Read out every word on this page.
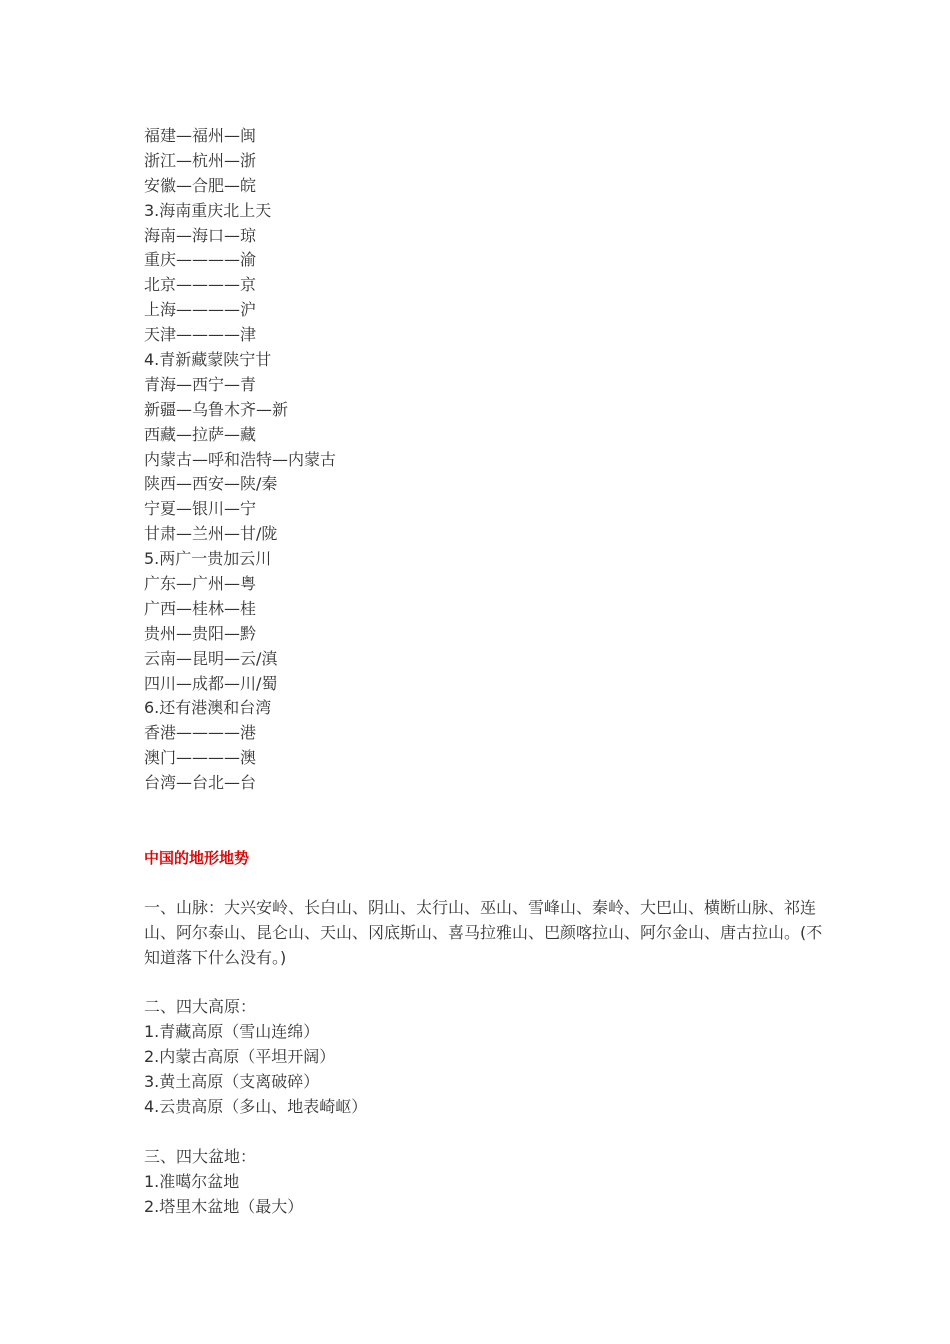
福建—福州—闽
浙江—杭州—浙
安徽—合肥—皖
3.海南重庆北上天
海南—海口—琼
重庆————渝
北京————京
上海————沪
天津————津
4.青新藏蒙陕宁甘
青海—西宁—青
新疆—乌鲁木齐—新
西藏—拉萨—藏
内蒙古—呼和浩特—内蒙古
陕西—西安—陕/秦
宁夏—银川—宁
甘肃—兰州—甘/陇
5.两广一贵加云川
广东—广州—粤
广西—桂林—桂
贵州—贵阳—黔
云南—昆明—云/滇
四川—成都—川/蜀
6.还有港澳和台湾
香港————港
澳门————澳
台湾—台北—台
中国的地形地势
一、山脉：大兴安岭、长白山、阴山、太行山、巫山、雪峰山、秦岭、大巴山、横断山脉、祁连山、阿尔泰山、昆仑山、天山、冈底斯山、喜马拉雅山、巴颜喀拉山、阿尔金山、唐古拉山。(不知道落下什么没有。)
二、四大高原：
1.青藏高原（雪山连绵）
2.内蒙古高原（平坦开阔）
3.黄土高原（支离破碎）
4.云贵高原（多山、地表崎岖）
三、四大盆地：
1.准噶尔盆地
2.塔里木盆地（最大）
